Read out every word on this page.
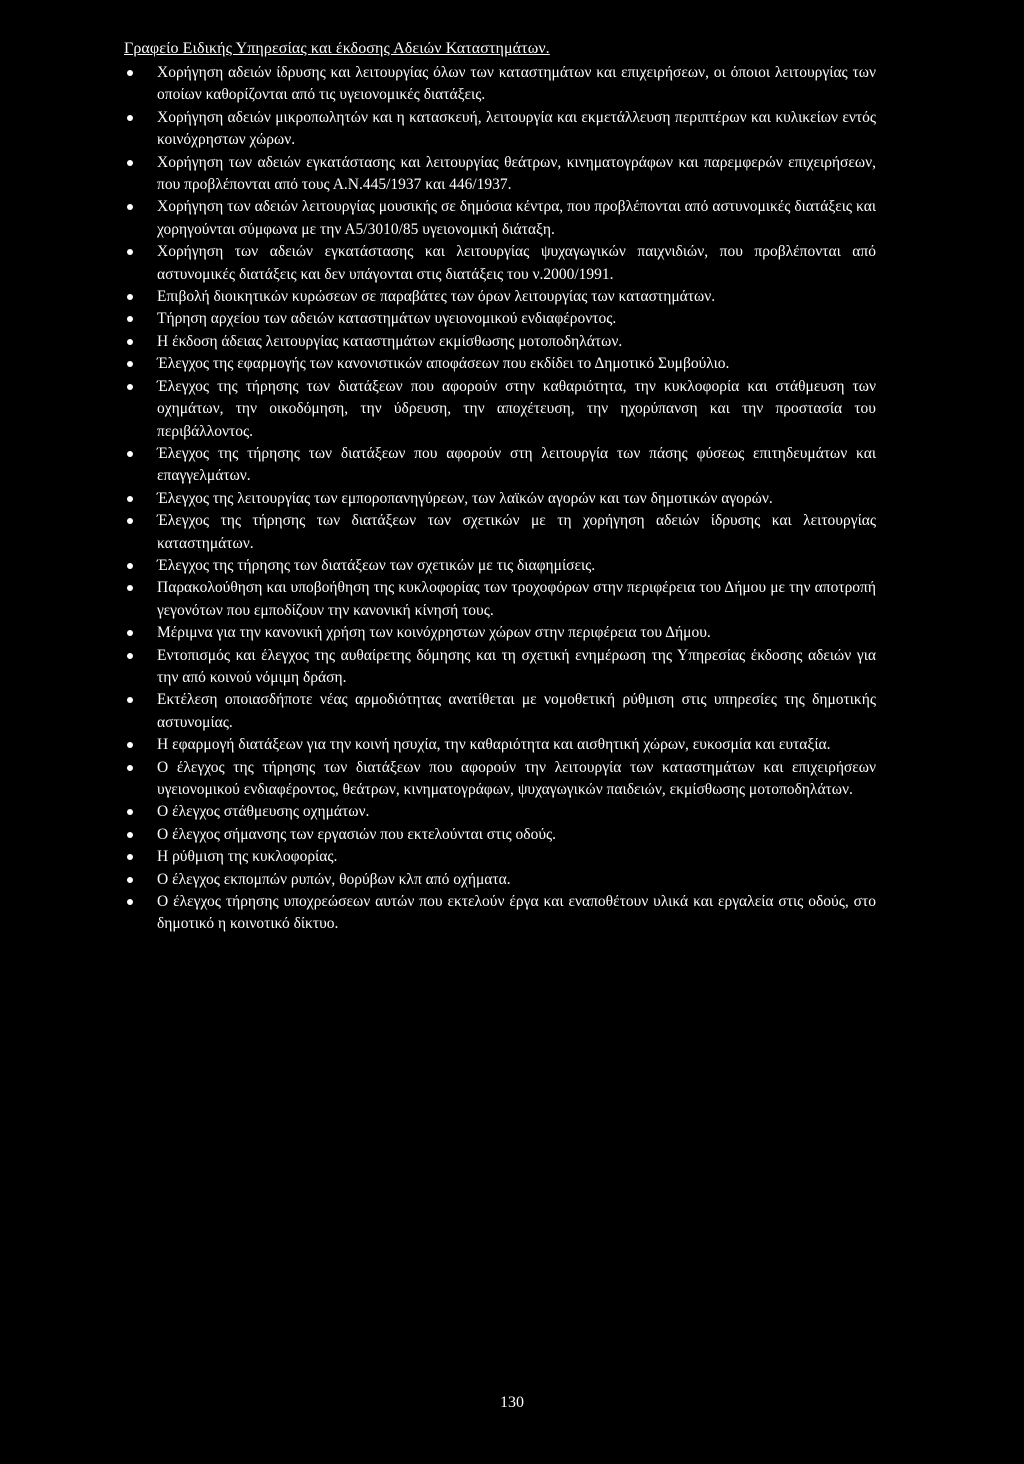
Γραφείο Ειδικής Υπηρεσίας και έκδοσης Αδειών Καταστημάτων.
Χορήγηση αδειών ίδρυσης και λειτουργίας όλων των καταστημάτων και επιχειρήσεων, οι όποιοι λειτουργίας των οποίων καθορίζονται από τις υγειονομικές διατάξεις.
Χορήγηση αδειών μικροπωλητών και η κατασκευή, λειτουργία και εκμετάλλευση περιπτέρων και κυλικείων εντός κοινόχρηστων χώρων.
Χορήγηση των αδειών εγκατάστασης και λειτουργίας θεάτρων, κινηματογράφων και παρεμφερών επιχειρήσεων, που προβλέπονται από τους Α.Ν.445/1937 και 446/1937.
Χορήγηση των αδειών λειτουργίας μουσικής σε δημόσια κέντρα, που προβλέπονται από αστυνομικές διατάξεις και χορηγούνται σύμφωνα με την Α5/3010/85 υγειονομική διάταξη.
Χορήγηση των αδειών εγκατάστασης και λειτουργίας ψυχαγωγικών παιχνιδιών, που προβλέπονται από αστυνομικές διατάξεις και δεν υπάγονται στις διατάξεις του ν.2000/1991.
Επιβολή διοικητικών κυρώσεων σε παραβάτες των όρων λειτουργίας των καταστημάτων.
Τήρηση αρχείου των αδειών καταστημάτων υγειονομικού ενδιαφέροντος.
Η έκδοση άδειας λειτουργίας καταστημάτων εκμίσθωσης μοτοποδηλάτων.
Έλεγχος της εφαρμογής των κανονιστικών αποφάσεων που εκδίδει το Δημοτικό Συμβούλιο.
Έλεγχος της τήρησης των διατάξεων που αφορούν στην καθαριότητα, την κυκλοφορία και στάθμευση των οχημάτων, την οικοδόμηση, την ύδρευση, την αποχέτευση, την ηχορύπανση και την προστασία του περιβάλλοντος.
Έλεγχος της τήρησης των διατάξεων που αφορούν στη λειτουργία των πάσης φύσεως επιτηδευμάτων και επαγγελμάτων.
Έλεγχος της λειτουργίας των εμποροπανηγύρεων, των λαϊκών αγορών και των δημοτικών αγορών.
Έλεγχος της τήρησης των διατάξεων των σχετικών με τη χορήγηση αδειών ίδρυσης και λειτουργίας καταστημάτων.
Έλεγχος της τήρησης των διατάξεων των σχετικών με τις διαφημίσεις.
Παρακολούθηση και υποβοήθηση της κυκλοφορίας των τροχοφόρων στην περιφέρεια του Δήμου με την αποτροπή γεγονότων που εμποδίζουν την κανονική κίνησή τους.
Μέριμνα για την κανονική χρήση των κοινόχρηστων χώρων στην περιφέρεια του Δήμου.
Εντοπισμός και έλεγχος της αυθαίρετης δόμησης και τη σχετική ενημέρωση της Υπηρεσίας έκδοσης αδειών για την από κοινού νόμιμη δράση.
Εκτέλεση οποιασδήποτε νέας αρμοδιότητας ανατίθεται με νομοθετική ρύθμιση στις υπηρεσίες της δημοτικής αστυνομίας.
Η εφαρμογή διατάξεων για την κοινή ησυχία, την καθαριότητα και αισθητική χώρων, ευκοσμία και ευταξία.
Ο έλεγχος της τήρησης των διατάξεων που αφορούν την λειτουργία των καταστημάτων και επιχειρήσεων υγειονομικού ενδιαφέροντος, θεάτρων, κινηματογράφων, ψυχαγωγικών παιδειών, εκμίσθωσης μοτοποδηλάτων.
Ο έλεγχος στάθμευσης οχημάτων.
Ο έλεγχος σήμανσης των εργασιών που εκτελούνται στις οδούς.
Η ρύθμιση της κυκλοφορίας.
Ο έλεγχος εκπομπών ρυπών, θορύβων κλπ από οχήματα.
Ο έλεγχος τήρησης υποχρεώσεων αυτών που εκτελούν έργα και εναποθέτουν υλικά και εργαλεία στις οδούς, στο δημοτικό η κοινοτικό δίκτυο.
130
